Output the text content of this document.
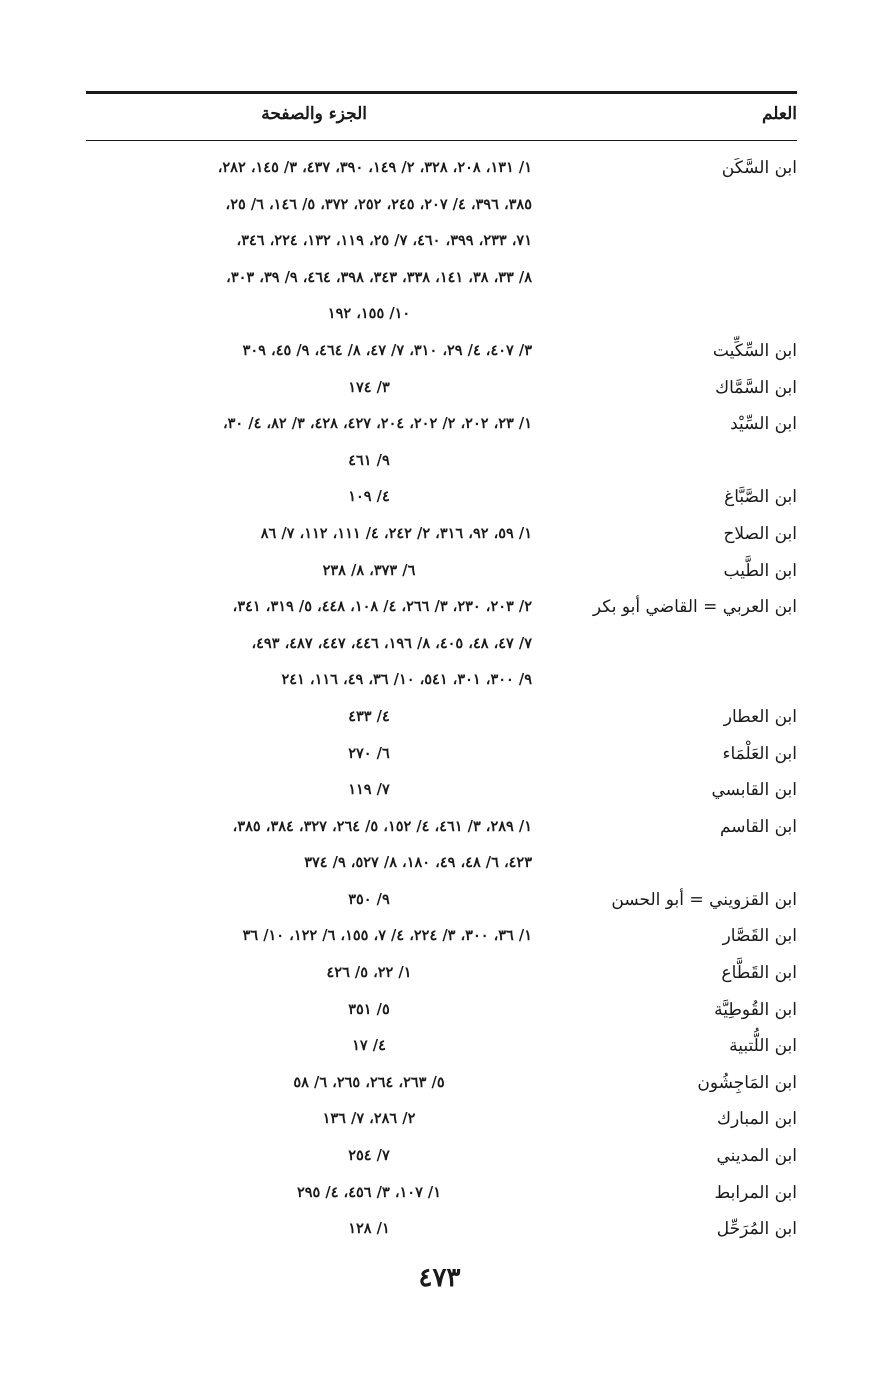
العلم
الجزء والصفحة
ابن السَّكَن
١/ ١٣١، ٢٠٨، ٣٢٨، ٢/ ١٤٩، ٣٩٠، ٤٣٧، ٣/ ١٤٥، ٢٨٢،
٣٨٥، ٣٩٦، ٤/ ٢٠٧، ٢٤٥، ٢٥٢، ٣٧٢، ٥/ ١٤٦، ٦/ ٢٥،
٧١، ٢٣٣، ٣٩٩، ٤٦٠، ٧/ ٢٥، ١١٩، ١٣٢، ٢٢٤، ٣٤٦،
٨/ ٣٣، ٣٨، ١٤١، ٣٣٨، ٣٤٣، ٣٩٨، ٤٦٤، ٩/ ٣٩، ٣٠٣،
١٠/ ١٥٥، ١٩٢
ابن السِّكِّيت
٣/ ٤٠٧، ٤/ ٢٩، ٣١٠، ٧/ ٤٧، ٨/ ٤٦٤، ٩/ ٤٥، ٣٠٩
ابن السَّمَّاك
٣/ ١٧٤
ابن السِّيْد
١/ ٢٣، ٢٠٢، ٢/ ٢٠٢، ٢٠٤، ٤٢٧، ٤٢٨، ٣/ ٨٢، ٤/ ٣٠،
٩/ ٤٦١
ابن الصَّبَّاغ
٤/ ١٠٩
ابن الصلاح
١/ ٥٩، ٩٢، ٣١٦، ٢/ ٢٤٢، ٤/ ١١١، ١١٢، ٧/ ٨٦
ابن الطَّيب
٦/ ٣٧٣، ٨/ ٢٣٨
ابن العربي = القاضي أبو بكر
٢/ ٢٠٣، ٢٣٠، ٣/ ٢٦٦، ٤/ ١٠٨، ٤٤٨، ٥/ ٣١٩، ٣٤١،
٧/ ٤٧، ٤٨، ٤٠٥، ٨/ ١٩٦، ٤٤٦، ٤٤٧، ٤٨٧، ٤٩٣،
٩/ ٣٠٠، ٣٠١، ٥٤١، ١٠/ ٣٦، ٤٩، ١١٦، ٢٤١
ابن العطار
٤/ ٤٣٣
ابن العَلْمَاء
٦/ ٢٧٠
ابن القابسي
٧/ ١١٩
ابن القاسم
١/ ٢٨٩، ٣/ ٤٦١، ٤/ ١٥٢، ٥/ ٢٦٤، ٣٢٧، ٣٨٤، ٣٨٥،
٤٢٣، ٦/ ٤٨، ٤٩، ١٨٠، ٨/ ٥٢٧، ٩/ ٣٧٤
ابن القزويني = أبو الحسن
٩/ ٣٥٠
ابن القَصَّار
١/ ٣٦، ٣٠٠، ٣/ ٢٢٤، ٤/ ٧، ١٥٥، ٦/ ١٢٢، ١٠/ ٣٦
ابن القَطَّاع
١/ ٢٢، ٥/ ٤٢٦
ابن القُوطِيَّة
٥/ ٣٥١
ابن اللُّتبية
٤/ ١٧
ابن المَاجِشُون
٥/ ٢٦٣، ٢٦٤، ٢٦٥، ٦/ ٥٨
ابن المبارك
٢/ ٢٨٦، ٧/ ١٣٦
ابن المديني
٧/ ٢٥٤
ابن المرابط
١/ ١٠٧، ٣/ ٤٥٦، ٤/ ٢٩٥
ابن المُرَحِّل
١/ ١٢٨
٤٧٣
